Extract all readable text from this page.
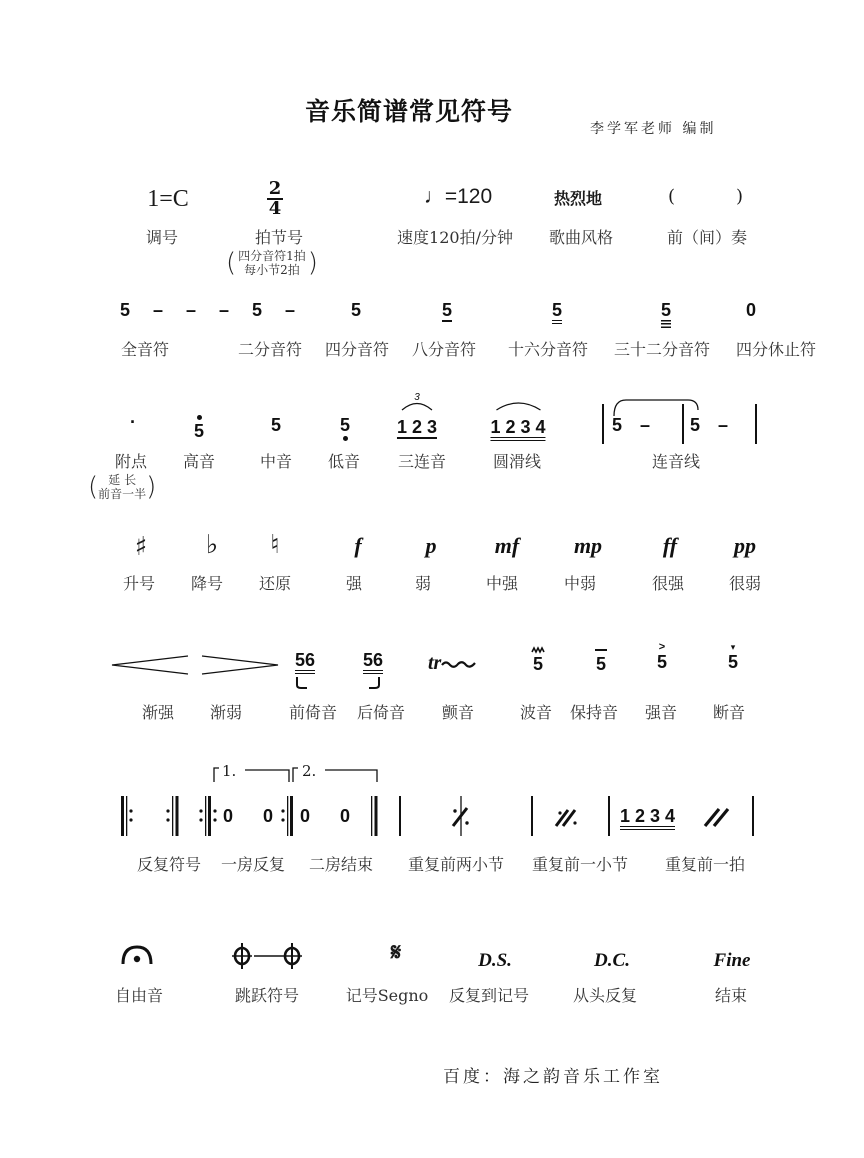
音乐简谱常见符号
李学军老师 编制
1=C
调号
2
4
拍节号
( 四分音符1拍
每小节2拍 )
♩=120
速度120拍/分钟
热烈地
歌曲风格
(	)
前（间）奏
5 – – –
全音符
5 –
二分音符
5
四分音符
5
八分音符
5
十六分音符
5
三十二分音符
0
四分休止符
·
附点
( 延 长
前音一半 )
5
高音
5
中音
5
低音
3
1 2 3
三连音
1 2 3 4
圆滑线
5 – 5 –
连音线
♯
升号
♭
降号
♮
还原
f
强
p
弱
mf
中强
mp
中弱
ff
很强
pp
很弱
渐强 渐弱
56
前倚音
56
后倚音
tr
颤音
5
波音
5
保持音
>
5
强音
▾
5
断音
1.	2.
0  0 0  0
反复符号 一房反复 二房结束 重复前两小节 重复前一小节
1 2 3 4
重复前一拍
自由音	跳跃符号
𝄋
记号Segno
D.S.
反复到记号
D.C.
从头反复
Fine
结束
百度：海之韵音乐工作室
